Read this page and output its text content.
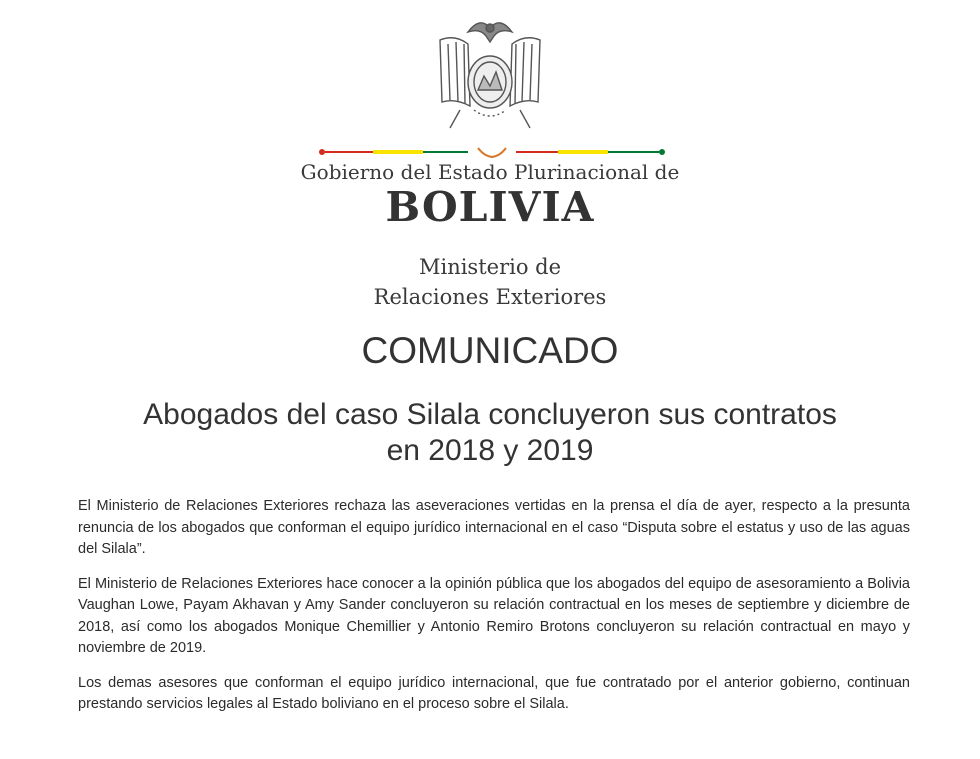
Gobierno del Estado Plurinacional de
BOLIVIA
Ministerio de
Relaciones Exteriores
COMUNICADO
Abogados del caso Silala concluyeron sus contratos
en 2018 y 2019

El Ministerio de Relaciones Exteriores rechaza las aseveraciones vertidas en la prensa el día de ayer, respecto a la presunta renuncia de los abogados que conforman el equipo jurídico internacional en el caso “Disputa sobre el estatus y uso de las aguas del Silala”.

El Ministerio de Relaciones Exteriores hace conocer a la opinión pública que los abogados del equipo de asesoramiento a Bolivia Vaughan Lowe, Payam Akhavan y Amy Sander concluyeron su relación contractual en los meses de septiembre y diciembre de 2018, así como los abogados Monique Chemillier y Antonio Remiro Brotons concluyeron su relación contractual en mayo y noviembre de 2019.

Los demas asesores que conforman el equipo jurídico internacional, que fue contratado por el anterior gobierno, continuan prestando servicios legales al Estado boliviano en el proceso sobre el Silala.
